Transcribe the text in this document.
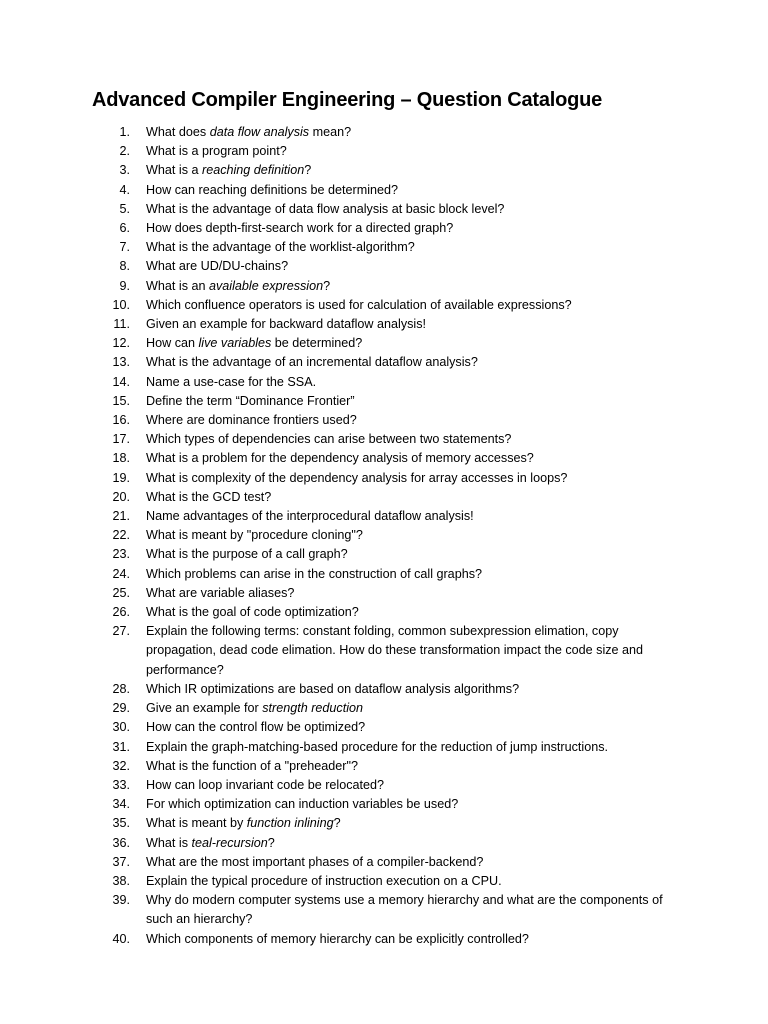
Advanced Compiler Engineering – Question Catalogue
1. What does data flow analysis mean?
2. What is a program point?
3. What is a reaching definition?
4. How can reaching definitions be determined?
5. What is the advantage of data flow analysis at basic block level?
6. How does depth-first-search work for a directed graph?
7. What is the advantage of the worklist-algorithm?
8. What are UD/DU-chains?
9. What is an available expression?
10. Which confluence operators is used for calculation of available expressions?
11. Given an example for backward dataflow analysis!
12. How can live variables be determined?
13. What is the advantage of an incremental dataflow analysis?
14. Name a use-case for the SSA.
15. Define the term “Dominance Frontier”
16. Where are dominance frontiers used?
17. Which types of dependencies can arise between two statements?
18. What is a problem for the dependency analysis of memory accesses?
19. What is complexity of the dependency analysis for array accesses in loops?
20. What is the GCD test?
21. Name advantages of the interprocedural dataflow analysis!
22. What is meant by "procedure cloning"?
23. What is the purpose of a call graph?
24. Which problems can arise in the construction of call graphs?
25. What are variable aliases?
26. What is the goal of code optimization?
27. Explain the following terms: constant folding, common subexpression elimation, copy propagation, dead code elimation. How do these transformation impact the code size and performance?
28. Which IR optimizations are based on dataflow analysis algorithms?
29. Give an example for strength reduction
30. How can the control flow be optimized?
31. Explain the graph-matching-based procedure for the reduction of jump instructions.
32. What is the function of a "preheader"?
33. How can loop invariant code be relocated?
34. For which optimization can induction variables be used?
35. What is meant by function inlining?
36. What is teal-recursion?
37. What are the most important phases of a compiler-backend?
38. Explain the typical procedure of instruction execution on a CPU.
39. Why do modern computer systems use a memory hierarchy and what are the components of such an hierarchy?
40. Which components of memory hierarchy can be explicitly controlled?
